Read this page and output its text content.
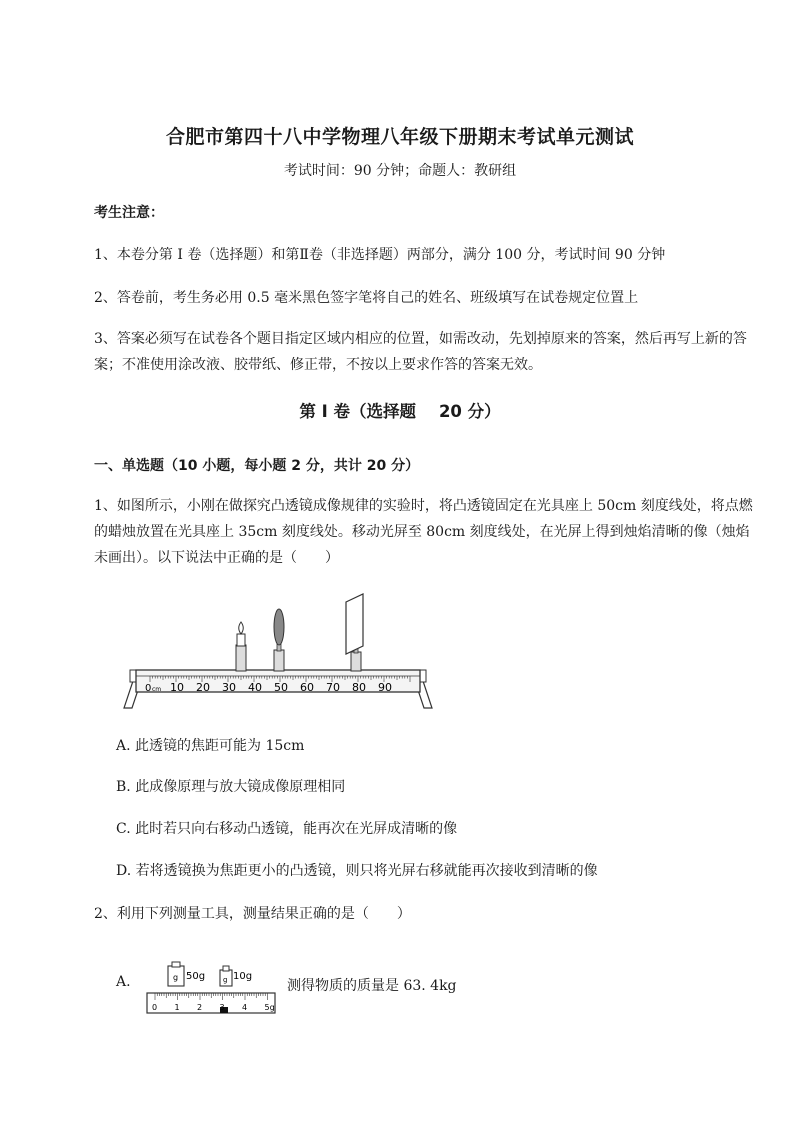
合肥市第四十八中学物理八年级下册期末考试单元测试
考试时间：90 分钟；命题人：教研组
考生注意：
1、本卷分第 I 卷（选择题）和第Ⅱ卷（非选择题）两部分，满分 100 分，考试时间 90 分钟
2、答卷前，考生务必用 0.5 毫米黑色签字笔将自己的姓名、班级填写在试卷规定位置上
3、答案必须写在试卷各个题目指定区域内相应的位置，如需改动，先划掉原来的答案，然后再写上新的答案；不准使用涂改液、胶带纸、修正带，不按以上要求作答的答案无效。
第 I 卷（选择题    20 分）
一、单选题（10 小题，每小题 2 分，共计 20 分）
1、如图所示，小刚在做探究凸透镜成像规律的实验时，将凸透镜固定在光具座上 50cm 刻度线处，将点燃的蜡烛放置在光具座上 35cm 刻度线处。移动光屏至 80cm 刻度线处，在光屏上得到烛焰清晰的像（烛焰未画出）。以下说法中正确的是（　　）
0 cm 10 20 30 40 50 60 70 80 90
A. 此透镜的焦距可能为 15cm
B. 此成像原理与放大镜成像原理相同
C. 此时若只向右移动凸透镜，能再次在光屏成清晰的像
D. 若将透镜换为焦距更小的凸透镜，则只将光屏右移就能再次接收到清晰的像
2、利用下列测量工具，测量结果正确的是（　　）
A.	g 50g	g 10g
0 1 2 3 4 5g
测得物质的质量是 63. 4kg
